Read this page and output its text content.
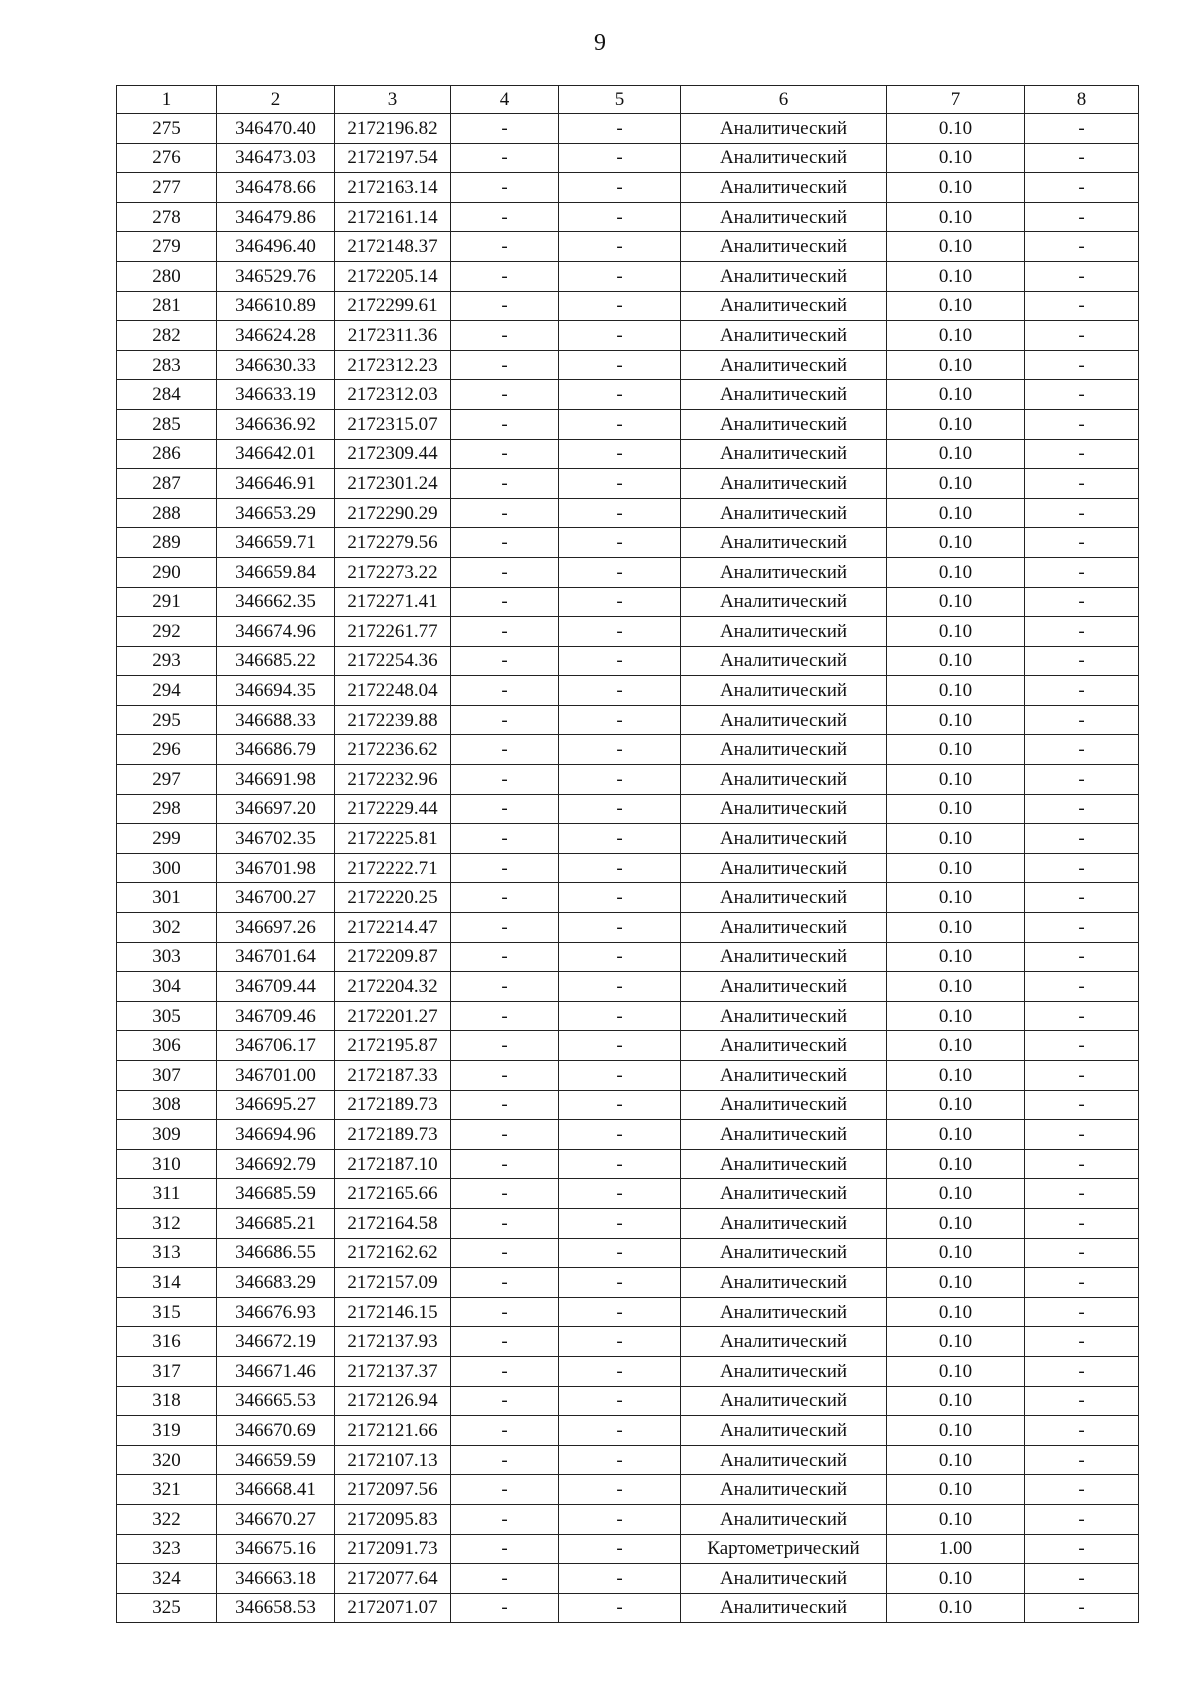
9
1	2	3	4	5	6	7	8
275	346470.40	2172196.82	-	-	Аналитический	0.10	-
276	346473.03	2172197.54	-	-	Аналитический	0.10	-
277	346478.66	2172163.14	-	-	Аналитический	0.10	-
278	346479.86	2172161.14	-	-	Аналитический	0.10	-
279	346496.40	2172148.37	-	-	Аналитический	0.10	-
280	346529.76	2172205.14	-	-	Аналитический	0.10	-
281	346610.89	2172299.61	-	-	Аналитический	0.10	-
282	346624.28	2172311.36	-	-	Аналитический	0.10	-
283	346630.33	2172312.23	-	-	Аналитический	0.10	-
284	346633.19	2172312.03	-	-	Аналитический	0.10	-
285	346636.92	2172315.07	-	-	Аналитический	0.10	-
286	346642.01	2172309.44	-	-	Аналитический	0.10	-
287	346646.91	2172301.24	-	-	Аналитический	0.10	-
288	346653.29	2172290.29	-	-	Аналитический	0.10	-
289	346659.71	2172279.56	-	-	Аналитический	0.10	-
290	346659.84	2172273.22	-	-	Аналитический	0.10	-
291	346662.35	2172271.41	-	-	Аналитический	0.10	-
292	346674.96	2172261.77	-	-	Аналитический	0.10	-
293	346685.22	2172254.36	-	-	Аналитический	0.10	-
294	346694.35	2172248.04	-	-	Аналитический	0.10	-
295	346688.33	2172239.88	-	-	Аналитический	0.10	-
296	346686.79	2172236.62	-	-	Аналитический	0.10	-
297	346691.98	2172232.96	-	-	Аналитический	0.10	-
298	346697.20	2172229.44	-	-	Аналитический	0.10	-
299	346702.35	2172225.81	-	-	Аналитический	0.10	-
300	346701.98	2172222.71	-	-	Аналитический	0.10	-
301	346700.27	2172220.25	-	-	Аналитический	0.10	-
302	346697.26	2172214.47	-	-	Аналитический	0.10	-
303	346701.64	2172209.87	-	-	Аналитический	0.10	-
304	346709.44	2172204.32	-	-	Аналитический	0.10	-
305	346709.46	2172201.27	-	-	Аналитический	0.10	-
306	346706.17	2172195.87	-	-	Аналитический	0.10	-
307	346701.00	2172187.33	-	-	Аналитический	0.10	-
308	346695.27	2172189.73	-	-	Аналитический	0.10	-
309	346694.96	2172189.73	-	-	Аналитический	0.10	-
310	346692.79	2172187.10	-	-	Аналитический	0.10	-
311	346685.59	2172165.66	-	-	Аналитический	0.10	-
312	346685.21	2172164.58	-	-	Аналитический	0.10	-
313	346686.55	2172162.62	-	-	Аналитический	0.10	-
314	346683.29	2172157.09	-	-	Аналитический	0.10	-
315	346676.93	2172146.15	-	-	Аналитический	0.10	-
316	346672.19	2172137.93	-	-	Аналитический	0.10	-
317	346671.46	2172137.37	-	-	Аналитический	0.10	-
318	346665.53	2172126.94	-	-	Аналитический	0.10	-
319	346670.69	2172121.66	-	-	Аналитический	0.10	-
320	346659.59	2172107.13	-	-	Аналитический	0.10	-
321	346668.41	2172097.56	-	-	Аналитический	0.10	-
322	346670.27	2172095.83	-	-	Аналитический	0.10	-
323	346675.16	2172091.73	-	-	Картометрический	1.00	-
324	346663.18	2172077.64	-	-	Аналитический	0.10	-
325	346658.53	2172071.07	-	-	Аналитический	0.10	-
